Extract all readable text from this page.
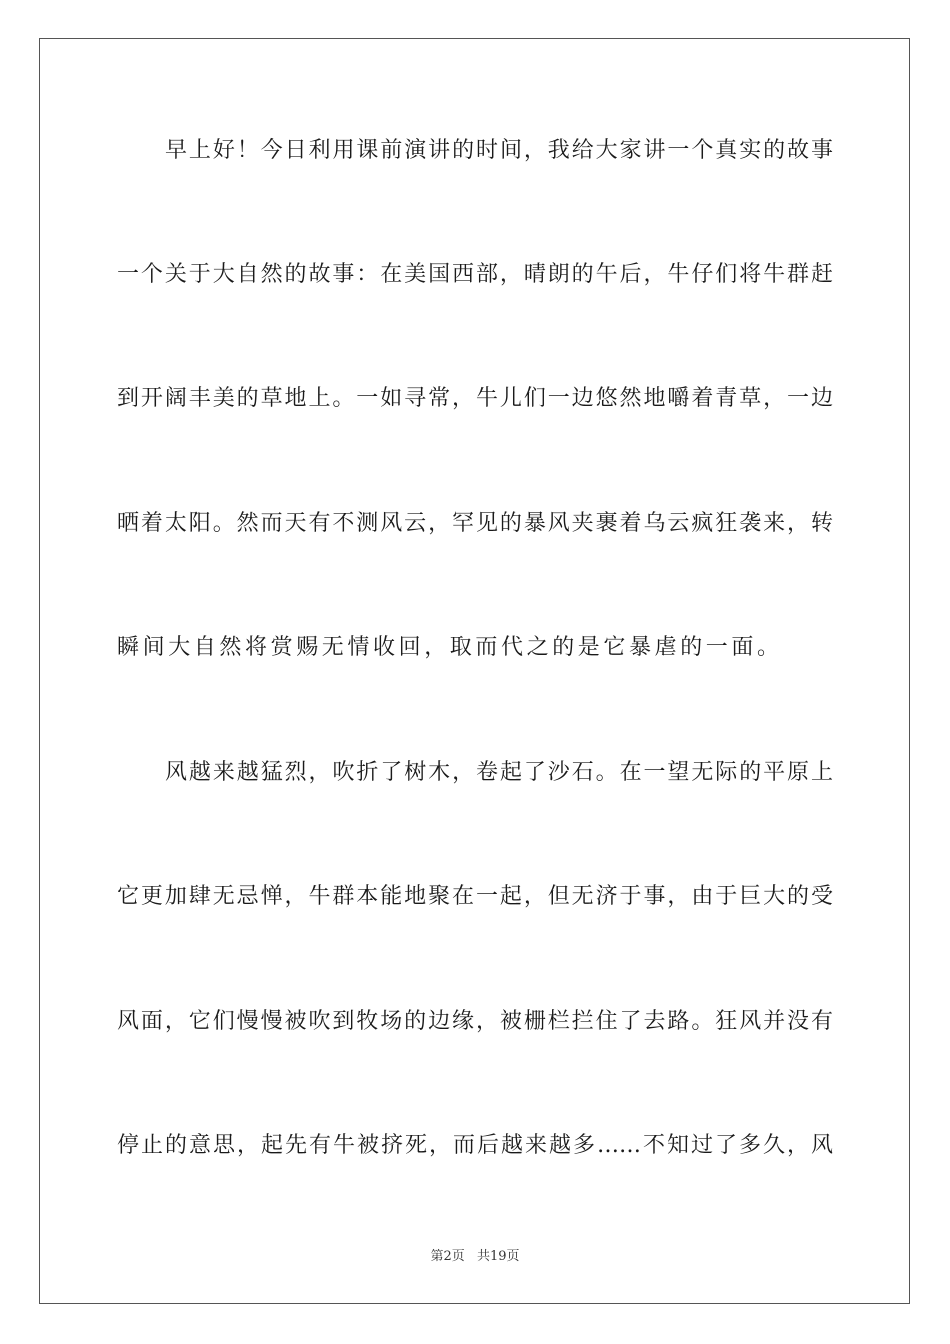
早上好！今日利用课前演讲的时间，我给大家讲一个真实的故事
一个关于大自然的故事：在美国西部，晴朗的午后，牛仔们将牛群赶
到开阔丰美的草地上。一如寻常，牛儿们一边悠然地嚼着青草，一边
晒着太阳。然而天有不测风云，罕见的暴风夹裹着乌云疯狂袭来，转
瞬间大自然将赏赐无情收回，取而代之的是它暴虐的一面。
风越来越猛烈，吹折了树木，卷起了沙石。在一望无际的平原上
它更加肆无忌惮，牛群本能地聚在一起，但无济于事，由于巨大的受
风面，它们慢慢被吹到牧场的边缘，被栅栏拦住了去路。狂风并没有
停止的意思，起先有牛被挤死，而后越来越多……不知过了多久，风
第2页 共19页
